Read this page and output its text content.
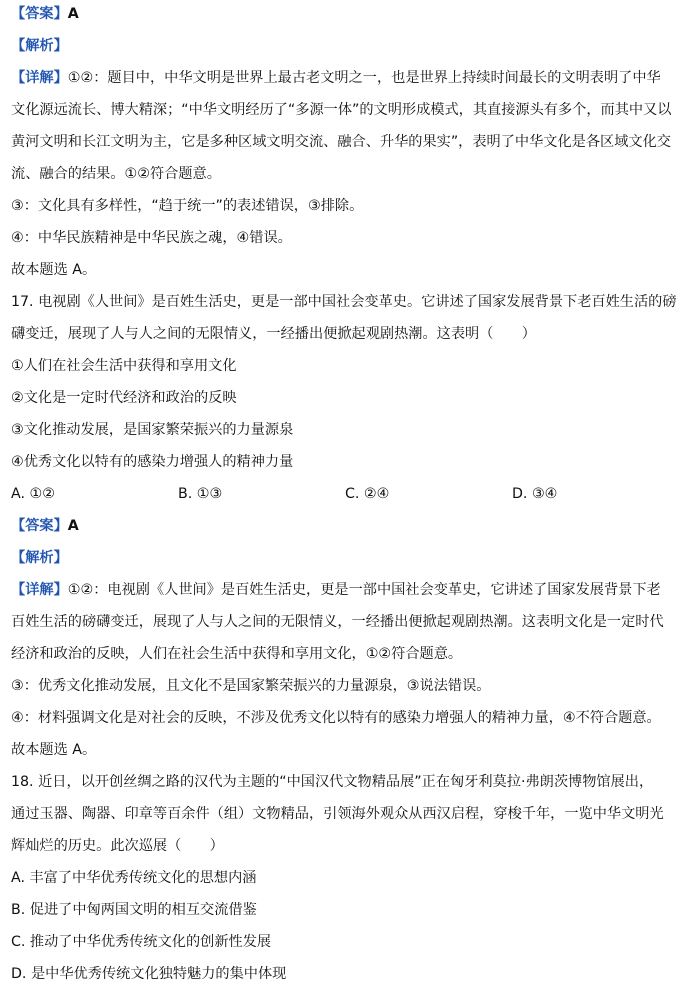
【答案】A
【解析】
【详解】①②：题目中，中华文明是世界上最古老文明之一，也是世界上持续时间最长的文明表明了中华
文化源远流长、博大精深；“中华文明经历了“多源一体”的文明形成模式，其直接源头有多个，而其中又以
黄河文明和长江文明为主，它是多种区域文明交流、融合、升华的果实”，表明了中华文化是各区域文化交
流、融合的结果。①②符合题意。
③：文化具有多样性，“趋于统一”的表述错误，③排除。
④：中华民族精神是中华民族之魂，④错误。
故本题选 A。
17. 电视剧《人世间》是百姓生活史，更是一部中国社会变革史。它讲述了国家发展背景下老百姓生活的磅
礴变迁，展现了人与人之间的无限情义，一经播出便掀起观剧热潮。这表明（　　）
①人们在社会生活中获得和享用文化
②文化是一定时代经济和政治的反映
③文化推动发展，是国家繁荣振兴的力量源泉
④优秀文化以特有的感染力增强人的精神力量
A. ①②	B. ①③	C. ②④	D. ③④
【答案】A
【解析】
【详解】①②：电视剧《人世间》是百姓生活史，更是一部中国社会变革史，它讲述了国家发展背景下老
百姓生活的磅礴变迁，展现了人与人之间的无限情义，一经播出便掀起观剧热潮。这表明文化是一定时代
经济和政治的反映，人们在社会生活中获得和享用文化，①②符合题意。
③：优秀文化推动发展，且文化不是国家繁荣振兴的力量源泉，③说法错误。
④：材料强调文化是对社会的反映，不涉及优秀文化以特有的感染力增强人的精神力量，④不符合题意。
故本题选 A。
18. 近日，以开创丝绸之路的汉代为主题的“中国汉代文物精品展”正在匈牙利莫拉·弗朗茨博物馆展出，
通过玉器、陶器、印章等百余件（组）文物精品，引领海外观众从西汉启程，穿梭千年，一览中华文明光
辉灿烂的历史。此次巡展（　　）
A. 丰富了中华优秀传统文化的思想内涵
B. 促进了中匈两国文明的相互交流借鉴
C. 推动了中华优秀传统文化的创新性发展
D. 是中华优秀传统文化独特魅力的集中体现
